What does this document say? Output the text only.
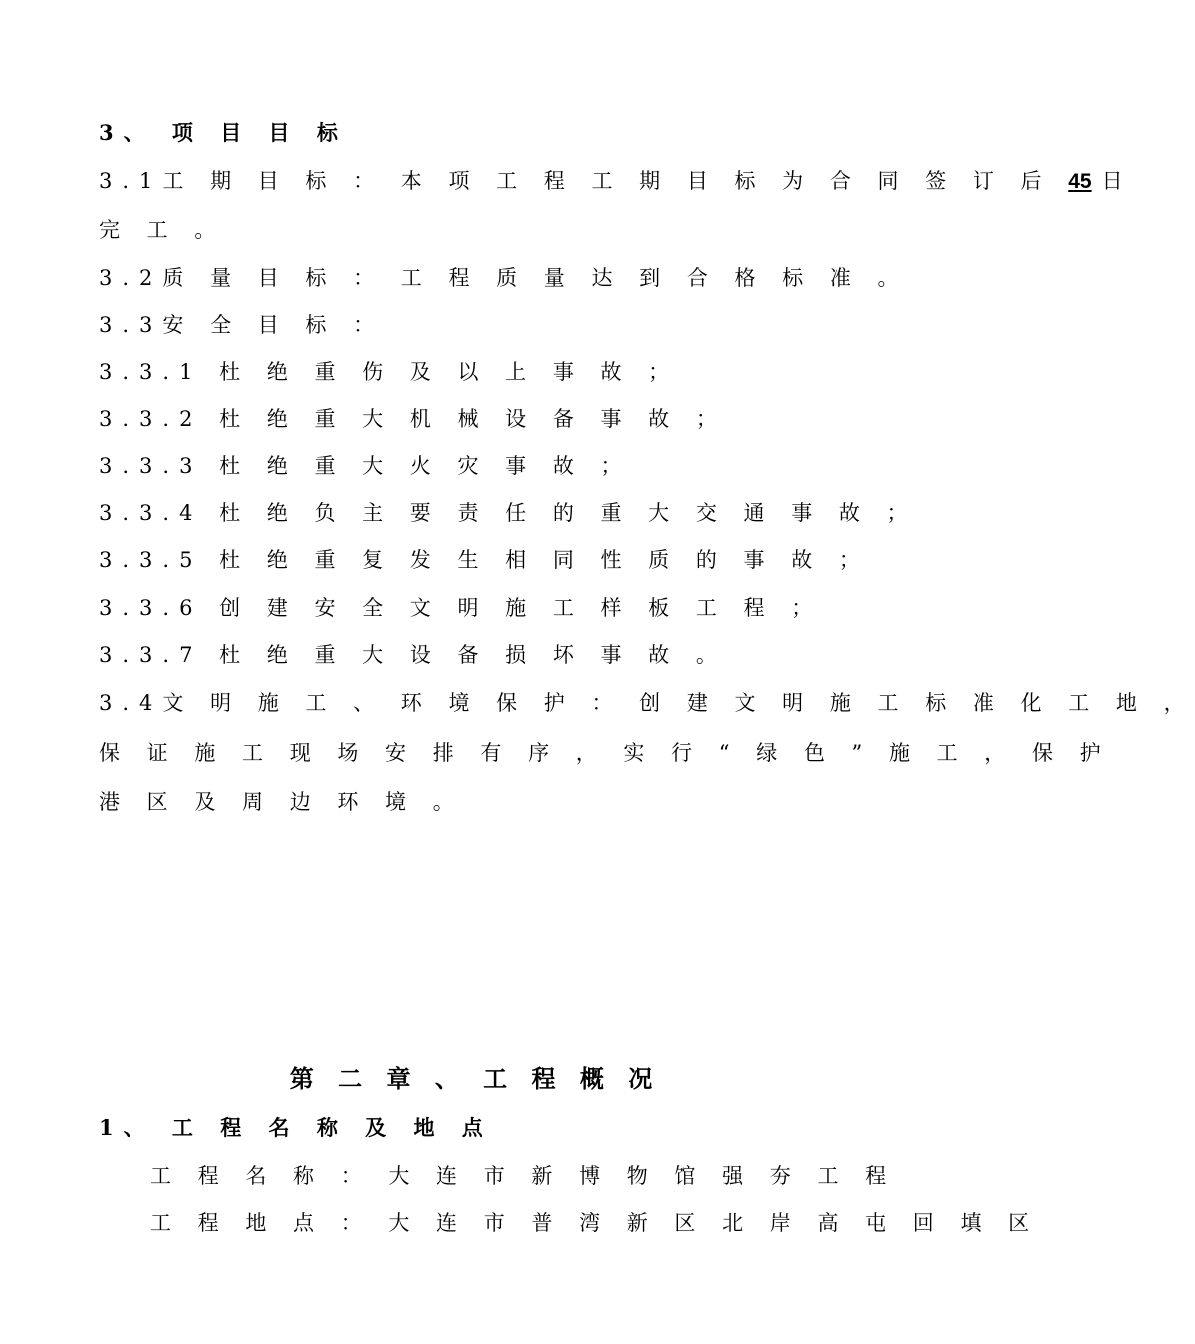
3、 项 目 目 标
3.1工 期 目 标 ： 本 项 工 程 工 期 目 标 为 合 同 签 订 后 45 日
完 工 。
3.2质 量 目 标 ： 工 程 质 量 达 到 合 格 标 准 。
3.3安 全 目 标 ：
3.3.1 杜 绝 重 伤 及 以 上 事 故 ；
3.3.2 杜 绝 重 大 机 械 设 备 事 故 ；
3.3.3 杜 绝 重 大 火 灾 事 故 ；
3.3.4 杜 绝 负 主 要 责 任 的 重 大 交 通 事 故 ；
3.3.5 杜 绝 重 复 发 生 相 同 性 质 的 事 故 ；
3.3.6 创 建 安 全 文 明 施 工 样 板 工 程 ；
3.3.7 杜 绝 重 大 设 备 损 坏 事 故 。
3.4文 明 施 工 、 环 境 保 护 ： 创 建 文 明 施 工 标 准 化 工 地 ，
保 证 施 工 现 场 安 排 有 序 ， 实 行 “ 绿 色 ” 施 工 ， 保 护
港 区 及 周 边 环 境 。
第 二 章 、 工 程 概 况
1、 工 程 名 称 及 地 点
工 程 名 称 ： 大 连 市 新 博 物 馆 强 夯 工 程
工 程 地 点 ： 大 连 市 普 湾 新 区 北 岸 高 屯 回 填 区
